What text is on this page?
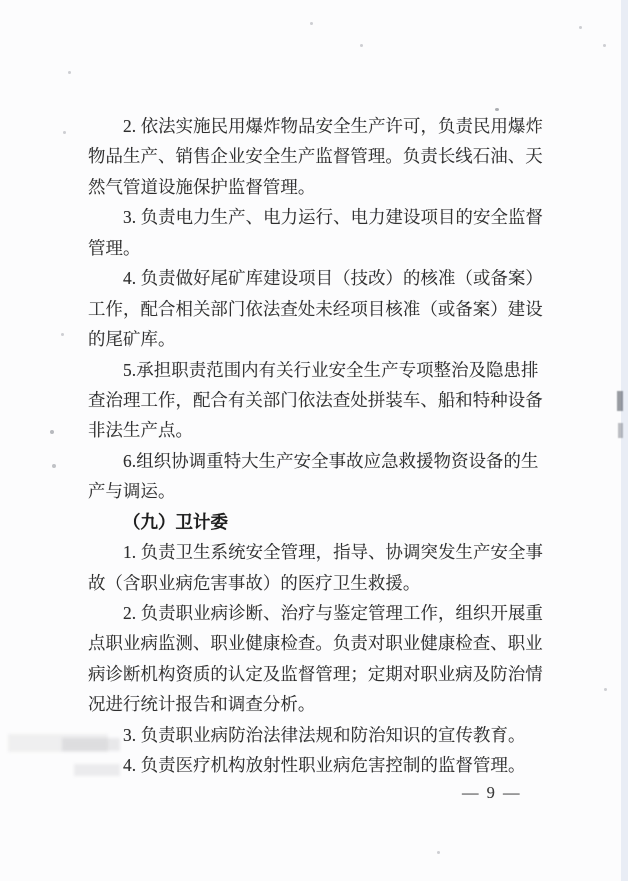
2. 依法实施民用爆炸物品安全生产许可，负责民用爆炸
物品生产、销售企业安全生产监督管理。负责长线石油、天
然气管道设施保护监督管理。
3. 负责电力生产、电力运行、电力建设项目的安全监督
管理。
4. 负责做好尾矿库建设项目（技改）的核准（或备案）
工作，配合相关部门依法查处未经项目核准（或备案）建设
的尾矿库。
5.承担职责范围内有关行业安全生产专项整治及隐患排
查治理工作，配合有关部门依法查处拼装车、船和特种设备
非法生产点。
6.组织协调重特大生产安全事故应急救援物资设备的生
产与调运。
（九）卫计委
1. 负责卫生系统安全管理，指导、协调突发生产安全事
故（含职业病危害事故）的医疗卫生救援。
2. 负责职业病诊断、治疗与鉴定管理工作，组织开展重
点职业病监测、职业健康检查。负责对职业健康检查、职业
病诊断机构资质的认定及监督管理；定期对职业病及防治情
况进行统计报告和调查分析。
3. 负责职业病防治法律法规和防治知识的宣传教育。
4. 负责医疗机构放射性职业病危害控制的监督管理。
— 9 —
